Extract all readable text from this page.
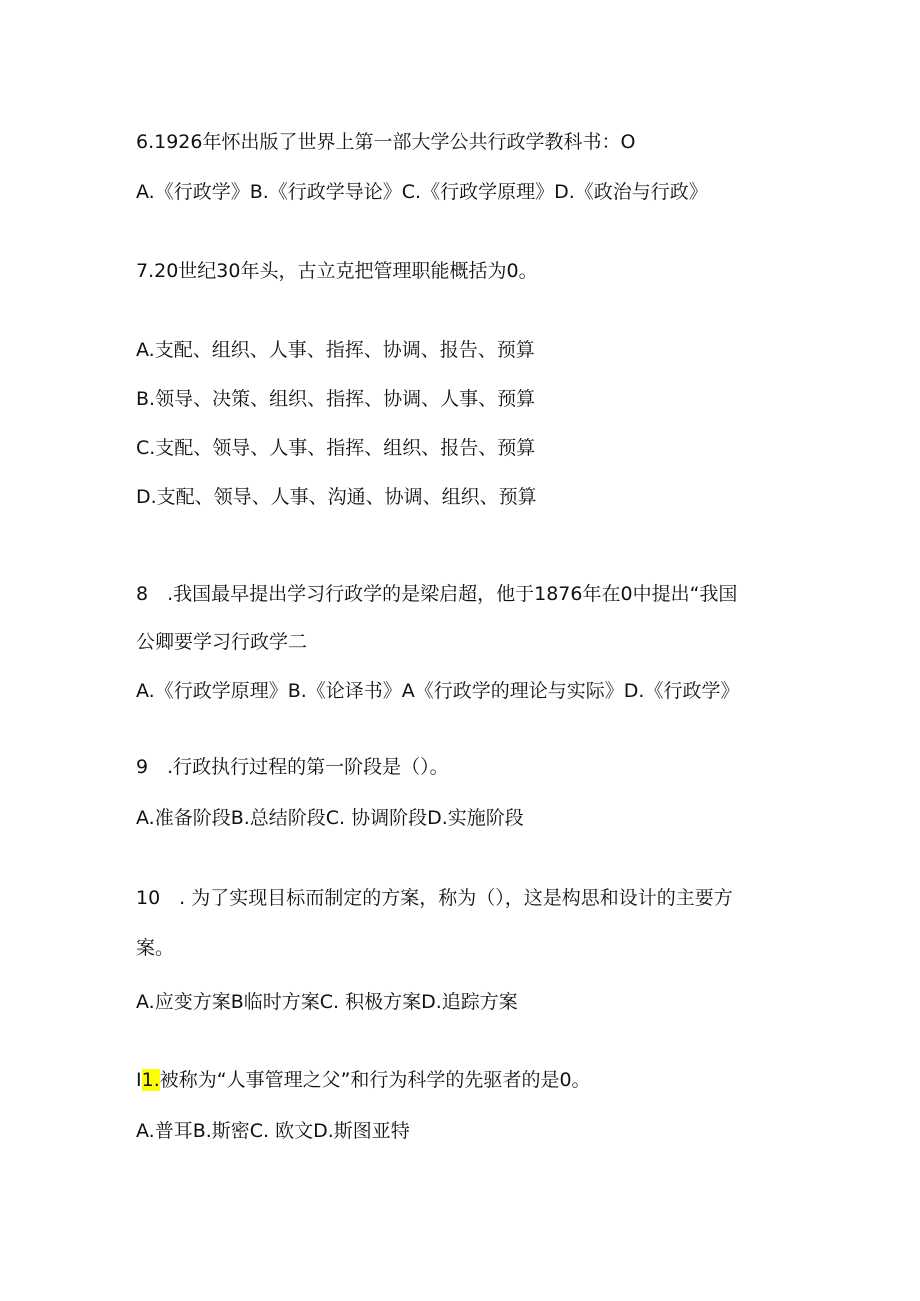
6.1926年怀出版了世界上第一部大学公共行政学教科书：O
A.《行政学》B.《行政学导论》C.《行政学原理》D.《政治与行政》
7.20世纪30年头，古立克把管理职能概括为0。
A.支配、组织、人事、指挥、协调、报告、预算
B.领导、决策、组织、指挥、协调、人事、预算
C.支配、领导、人事、指挥、组织、报告、预算
D.支配、领导、人事、沟通、协调、组织、预算
8　.我国最早提出学习行政学的是梁启超，他于1876年在0中提出“我国
公卿要学习行政学二
A.《行政学原理》B.《论译书》A《行政学的理论与实际》D.《行政学》
9　.行政执行过程的第一阶段是（）。
A.准备阶段B.总结阶段C. 协调阶段D.实施阶段
10　. 为了实现目标而制定的方案，称为（），这是构思和设计的主要方
案。
A.应变方案B临时方案C. 积极方案D.追踪方案
I1.被称为“人事管理之父”和行为科学的先驱者的是0。
A.普耳B.斯密C. 欧文D.斯图亚特
